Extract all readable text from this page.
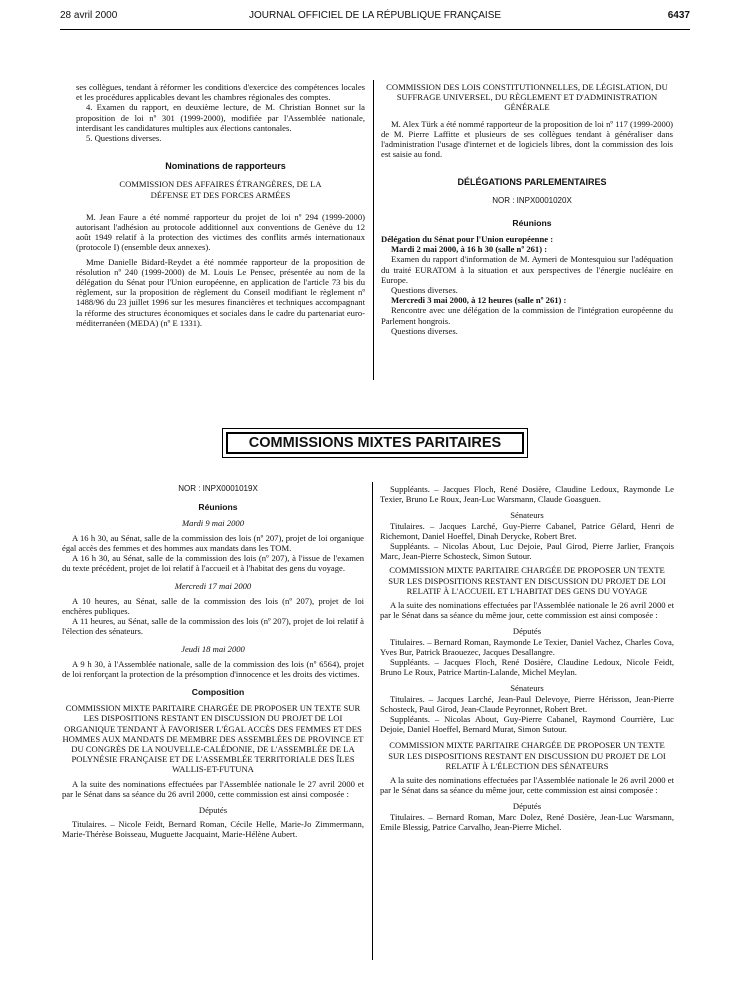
28 avril 2000	JOURNAL OFFICIEL DE LA RÉPUBLIQUE FRANÇAISE	6437

ses collègues, tendant à réformer les conditions d'exercice des compétences locales et les procédures applicables devant les chambres régionales des comptes.

4. Examen du rapport, en deuxième lecture, de M. Christian Bonnet sur la proposition de loi nº 301 (1999-2000), modifiée par l'Assemblée nationale, interdisant les candidatures multiples aux élections cantonales.

5. Questions diverses.

Nominations de rapporteurs

COMMISSION DES AFFAIRES ÉTRANGÈRES, DE LA DÉFENSE ET DES FORCES ARMÉES

M. Jean Faure a été nommé rapporteur du projet de loi nº 294 (1999-2000) autorisant l'adhésion au protocole additionnel aux conventions de Genève du 12 août 1949 relatif à la protection des victimes des conflits armés internationaux (protocole I) (ensemble deux annexes).

Mme Danielle Bidard-Reydet a été nommée rapporteur de la proposition de résolution nº 240 (1999-2000) de M. Louis Le Pensec, présentée au nom de la délégation du Sénat pour l'Union européenne, en application de l'article 73 bis du règlement, sur la proposition de règlement du Conseil modifiant le règlement nº 1488/96 du 23 juillet 1996 sur les mesures financières et techniques accompagnant la réforme des structures économiques et sociales dans le cadre du partenariat euro-méditerranéen (MEDA) (nº E 1331).

COMMISSION DES LOIS CONSTITUTIONNELLES, DE LÉGISLATION, DU SUFFRAGE UNIVERSEL, DU RÈGLEMENT ET D'ADMINISTRATION GÉNÉRALE

M. Alex Türk a été nommé rapporteur de la proposition de loi nº 117 (1999-2000) de M. Pierre Laffitte et plusieurs de ses collègues tendant à généraliser dans l'administration l'usage d'internet et de logiciels libres, dont la commission des lois est saisie au fond.

DÉLÉGATIONS PARLEMENTAIRES

NOR : INPX0001020X

Réunions

Délégation du Sénat pour l'Union européenne :

Mardi 2 mai 2000, à 16 h 30 (salle nº 261) :

Examen du rapport d'information de M. Aymeri de Montesquiou sur l'adéquation du traité EURATOM à la situation et aux perspectives de l'énergie nucléaire en Europe.

Questions diverses.

Mercredi 3 mai 2000, à 12 heures (salle nº 261) :

Rencontre avec une délégation de la commission de l'intégration européenne du Parlement hongrois.

Questions diverses.

COMMISSIONS MIXTES PARITAIRES

NOR : INPX0001019X

Réunions

Mardi 9 mai 2000

A 16 h 30, au Sénat, salle de la commission des lois (nº 207), projet de loi organique égal accès des femmes et des hommes aux mandats dans les TOM.

A 16 h 30, au Sénat, salle de la commission des lois (nº 207), à l'issue de l'examen du texte précédent, projet de loi relatif à l'accueil et à l'habitat des gens du voyage.

Mercredi 17 mai 2000

A 10 heures, au Sénat, salle de la commission des lois (nº 207), projet de loi enchères publiques.

A 11 heures, au Sénat, salle de la commission des lois (nº 207), projet de loi relatif à l'élection des sénateurs.

Jeudi 18 mai 2000

A 9 h 30, à l'Assemblée nationale, salle de la commission des lois (nº 6564), projet de loi renforçant la protection de la présomption d'innocence et les droits des victimes.

Composition

COMMISSION MIXTE PARITAIRE CHARGÉE DE PROPOSER UN TEXTE SUR LES DISPOSITIONS RESTANT EN DISCUSSION DU PROJET DE LOI ORGANIQUE TENDANT À FAVORISER L'ÉGAL ACCÈS DES FEMMES ET DES HOMMES AUX MANDATS DE MEMBRE DES ASSEMBLÉES DE PROVINCE ET DU CONGRÈS DE LA NOUVELLE-CALÉDONIE, DE L'ASSEMBLÉE DE LA POLYNÉSIE FRANÇAISE ET DE L'ASSEMBLÉE TERRITORIALE DES ÎLES WALLIS-ET-FUTUNA

A la suite des nominations effectuées par l'Assemblée nationale le 27 avril 2000 et par le Sénat dans sa séance du 26 avril 2000, cette commission est ainsi composée :

Députés

Titulaires. – Nicole Feidt, Bernard Roman, Cécile Helle, Marie-Jo Zimmermann, Marie-Thérèse Boisseau, Muguette Jacquaint, Marie-Hélène Aubert.

Suppléants. – Jacques Floch, René Dosière, Claudine Ledoux, Raymonde Le Texier, Bruno Le Roux, Jean-Luc Warsmann, Claude Goasguen.

Sénateurs

Titulaires. – Jacques Larché, Guy-Pierre Cabanel, Patrice Gélard, Henri de Richemont, Daniel Hoeffel, Dinah Derycke, Robert Bret.

Suppléants. – Nicolas About, Luc Dejoie, Paul Girod, Pierre Jarlier, François Marc, Jean-Pierre Schosteck, Simon Sutour.

COMMISSION MIXTE PARITAIRE CHARGÉE DE PROPOSER UN TEXTE SUR LES DISPOSITIONS RESTANT EN DISCUSSION DU PROJET DE LOI RELATIF À L'ACCUEIL ET L'HABITAT DES GENS DU VOYAGE

A la suite des nominations effectuées par l'Assemblée nationale le 26 avril 2000 et par le Sénat dans sa séance du même jour, cette commission est ainsi composée :

Députés

Titulaires. – Bernard Roman, Raymonde Le Texier, Daniel Vachez, Charles Cova, Yves Bur, Patrick Braouezec, Jacques Desallangre.

Suppléants. – Jacques Floch, René Dosière, Claudine Ledoux, Nicole Feidt, Bruno Le Roux, Patrice Martin-Lalande, Michel Meylan.

Sénateurs

Titulaires. – Jacques Larché, Jean-Paul Delevoye, Pierre Hérisson, Jean-Pierre Schosteck, Paul Girod, Jean-Claude Peyronnet, Robert Bret.

Suppléants. – Nicolas About, Guy-Pierre Cabanel, Raymond Courrière, Luc Dejoie, Daniel Hoeffel, Bernard Murat, Simon Sutour.

COMMISSION MIXTE PARITAIRE CHARGÉE DE PROPOSER UN TEXTE SUR LES DISPOSITIONS RESTANT EN DISCUSSION DU PROJET DE LOI RELATIF À L'ÉLECTION DES SÉNATEURS

A la suite des nominations effectuées par l'Assemblée nationale le 26 avril 2000 et par le Sénat dans sa séance du même jour, cette commission est ainsi composée :

Députés

Titulaires. – Bernard Roman, Marc Dolez, René Dosière, Jean-Luc Warsmann, Emile Blessig, Patrice Carvalho, Jean-Pierre Michel.
